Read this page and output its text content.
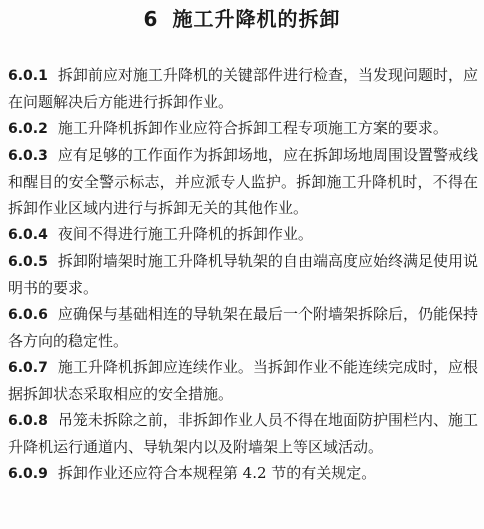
6 施工升降机的拆卸

6.0.1 拆卸前应对施工升降机的关键部件进行检查，当发现问题时，应在问题解决后方能进行拆卸作业。

6.0.2 施工升降机拆卸作业应符合拆卸工程专项施工方案的要求。

6.0.3 应有足够的工作面作为拆卸场地，应在拆卸场地周围设置警戒线和醒目的安全警示标志，并应派专人监护。拆卸施工升降机时，不得在拆卸作业区域内进行与拆卸无关的其他作业。

6.0.4 夜间不得进行施工升降机的拆卸作业。

6.0.5 拆卸附墙架时施工升降机导轨架的自由端高度应始终满足使用说明书的要求。

6.0.6 应确保与基础相连的导轨架在最后一个附墙架拆除后，仍能保持各方向的稳定性。

6.0.7 施工升降机拆卸应连续作业。当拆卸作业不能连续完成时，应根据拆卸状态采取相应的安全措施。

6.0.8 吊笼未拆除之前，非拆卸作业人员不得在地面防护围栏内、施工升降机运行通道内、导轨架内以及附墙架上等区域活动。

6.0.9 拆卸作业还应符合本规程第 4.2 节的有关规定。
